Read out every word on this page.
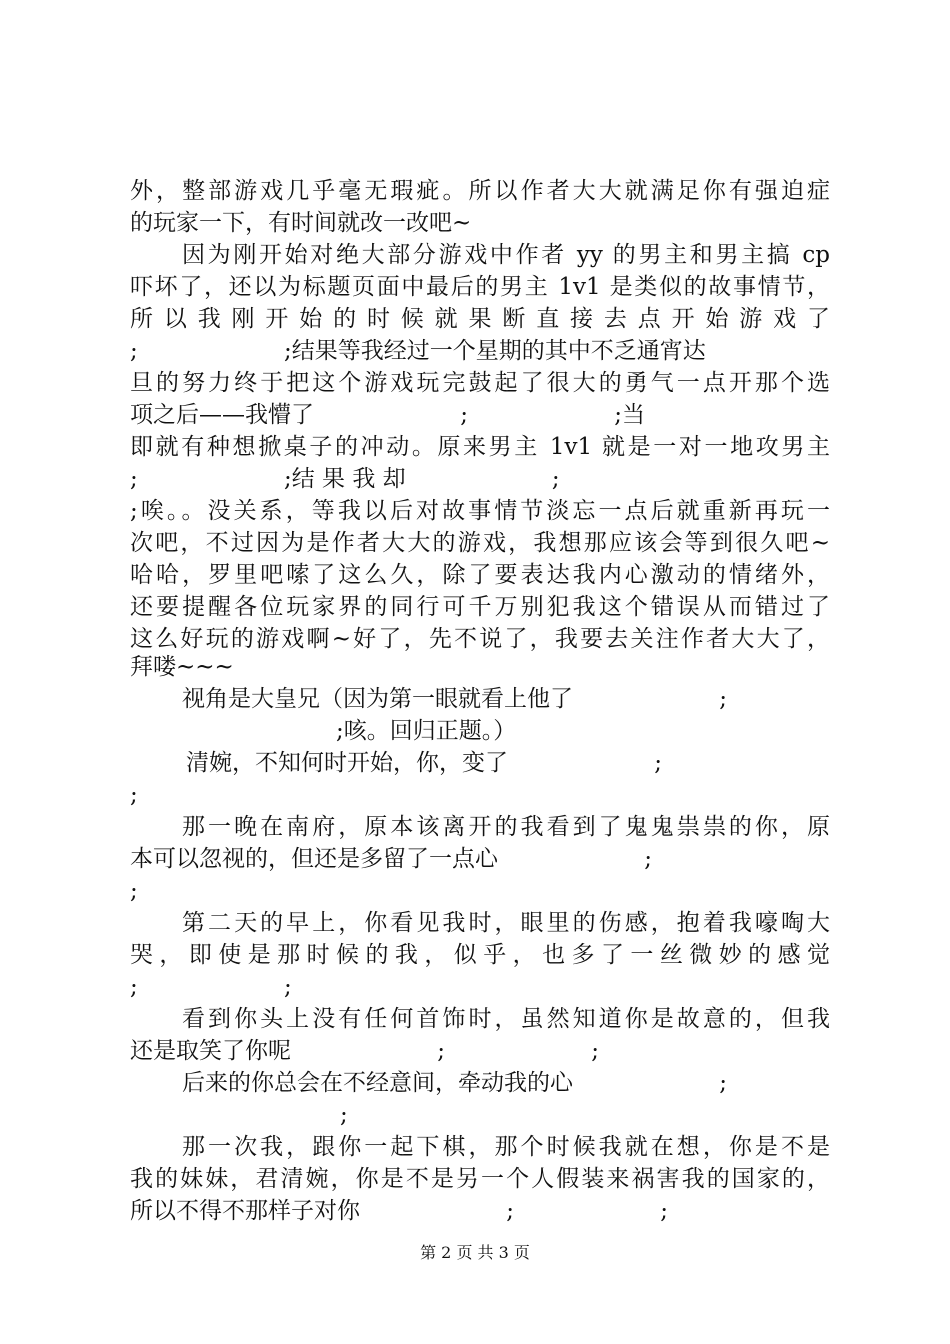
外，整部游戏几乎毫无瑕疵。所以作者大大就满足你有强迫症
的玩家一下，有时间就改一改吧~
因为刚开始对绝大部分游戏中作者 yy 的男主和男主搞 cp
吓坏了，还以为标题页面中最后的男主 1v1 是类似的故事情节，
所 以 我 刚 开 始 的 时 候 就 果 断 直 接 去 点 开 始 游 戏 了
;                    ;结果等我经过一个星期的其中不乏通宵达
旦的努力终于把这个游戏玩完鼓起了很大的勇气一点开那个选
项之后——我懵了                    ;                    ;当
即就有种想掀桌子的冲动。原来男主 1v1 就是一对一地攻男主
;                    ;结 果 我 却                    ;
;唉。。没关系，等我以后对故事情节淡忘一点后就重新再玩一
次吧，不过因为是作者大大的游戏，我想那应该会等到很久吧~
哈哈，罗里吧嗦了这么久，除了要表达我内心激动的情绪外，
还要提醒各位玩家界的同行可千万别犯我这个错误从而错过了
这么好玩的游戏啊~好了，先不说了，我要去关注作者大大了，
拜喽~~~
视角是大皇兄（因为第一眼就看上他了                    ;
;咳。回归正题。）
清婉，不知何时开始，你，变了                    ;
;
那一晚在南府，原本该离开的我看到了鬼鬼祟祟的你，原
本可以忽视的，但还是多留了一点心                    ;
;
第二天的早上，你看见我时，眼里的伤感，抱着我嚎啕大
哭，即使是那时候的我，似乎，也多了一丝微妙的感觉
;                    ;
看到你头上没有任何首饰时，虽然知道你是故意的，但我
还是取笑了你呢                    ;                    ;
后来的你总会在不经意间，牵动我的心                    ;
;
那一次我，跟你一起下棋，那个时候我就在想，你是不是
我的妹妹，君清婉，你是不是另一个人假装来祸害我的国家的，
所以不得不那样子对你                    ;                    ;
第 2 页 共 3 页
